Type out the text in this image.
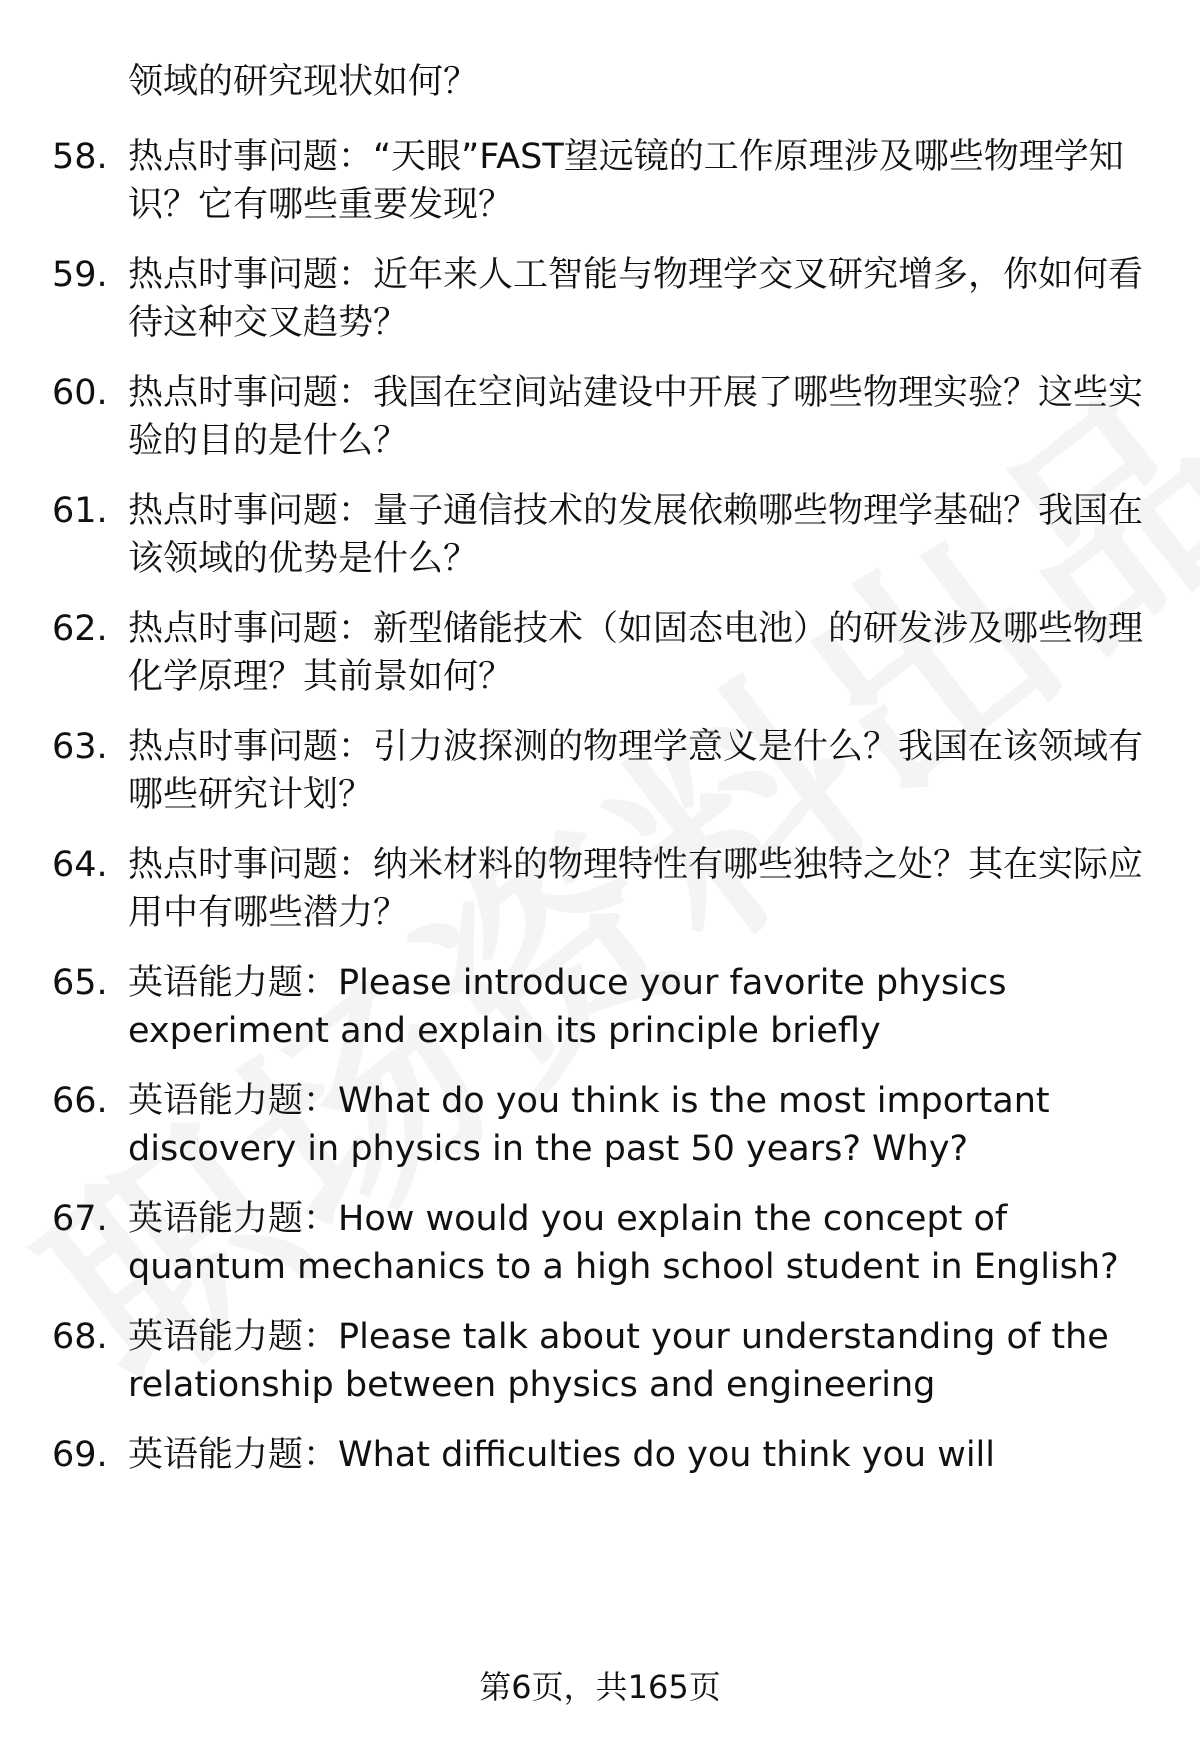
领域的研究现状如何？
58. 热点时事问题：“天眼”FAST望远镜的工作原理涉及哪些物理学知识？它有哪些重要发现？
59. 热点时事问题：近年来人工智能与物理学交叉研究增多，你如何看待这种交叉趋势？
60. 热点时事问题：我国在空间站建设中开展了哪些物理实验？这些实验的目的是什么？
61. 热点时事问题：量子通信技术的发展依赖哪些物理学基础？我国在该领域的优势是什么？
62. 热点时事问题：新型储能技术（如固态电池）的研发涉及哪些物理化学原理？其前景如何？
63. 热点时事问题：引力波探测的物理学意义是什么？我国在该领域有哪些研究计划？
64. 热点时事问题：纳米材料的物理特性有哪些独特之处？其在实际应用中有哪些潜力？
65. 英语能力题：Please introduce your favorite physics experiment and explain its principle briefly
66. 英语能力题：What do you think is the most important discovery in physics in the past 50 years? Why?
67. 英语能力题：How would you explain the concept of quantum mechanics to a high school student in English?
68. 英语能力题：Please talk about your understanding of the relationship between physics and engineering
69. 英语能力题：What difficulties do you think you will
第6页，共165页
